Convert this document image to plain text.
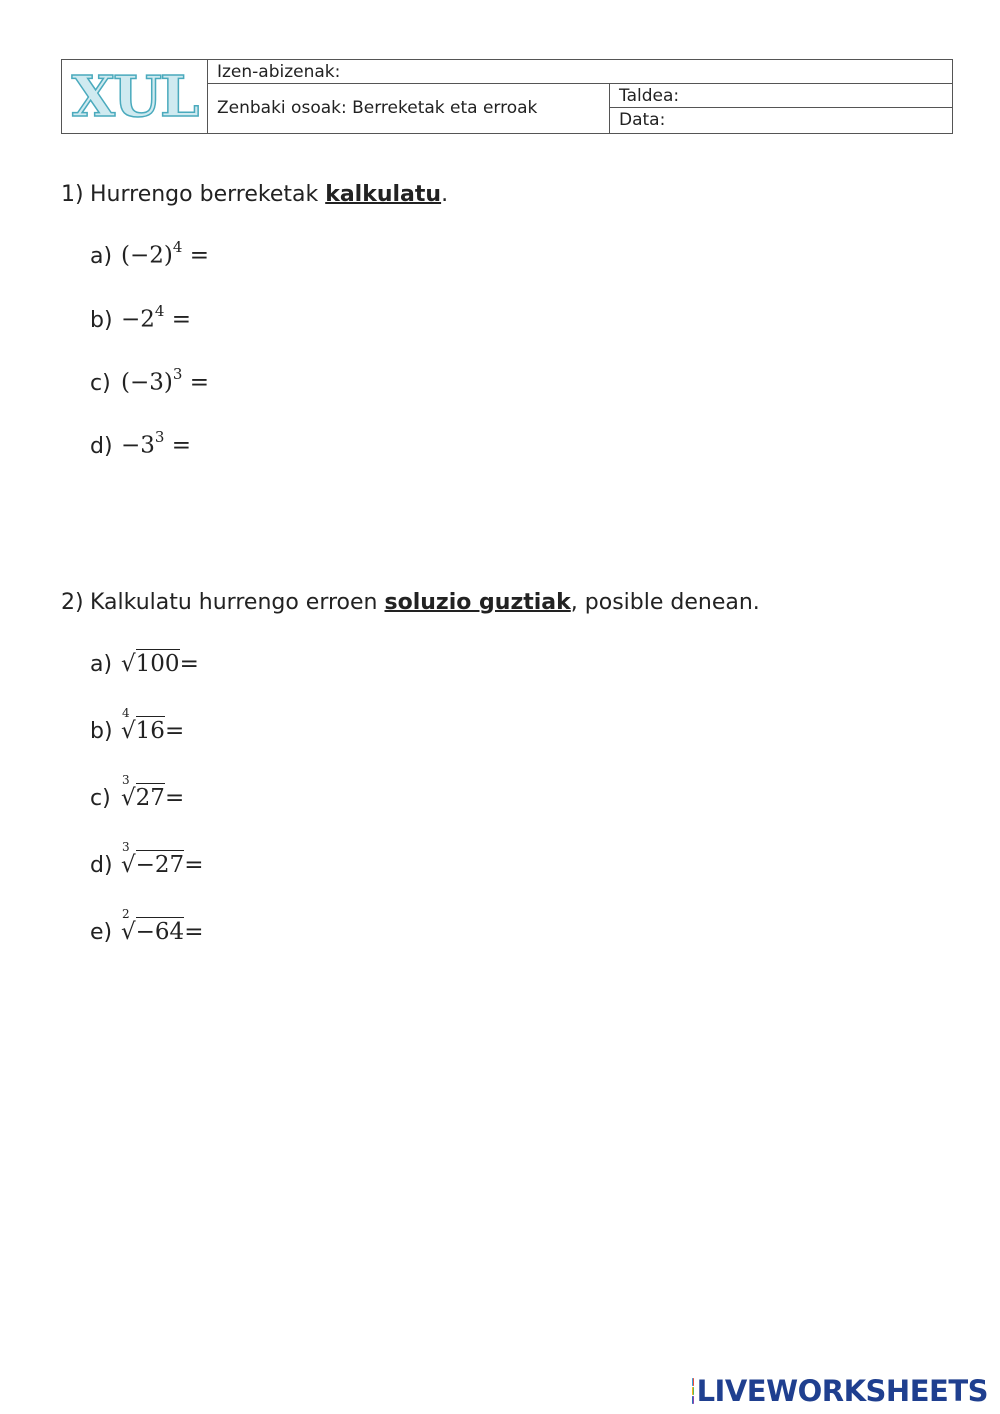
XUL	Izen-abizenak:
Zenbaki osoak: Berreketak eta erroak
Taldea:
Data:
1) Hurrengo berreketak kalkulatu.
a) $(-2)^4$ =
$b) -2^4$ =
c) $(-3)^3$ =
$d) -3^3$ =
2) Kalkulatu hurrengo erroen soluzio guztiak, posible denean.
a) √100 =
b)
4
√16 =
c)
3
√27 =
d)
3
√−27 =
e)
2
√−64 =
LIVEWORKSHEETS
